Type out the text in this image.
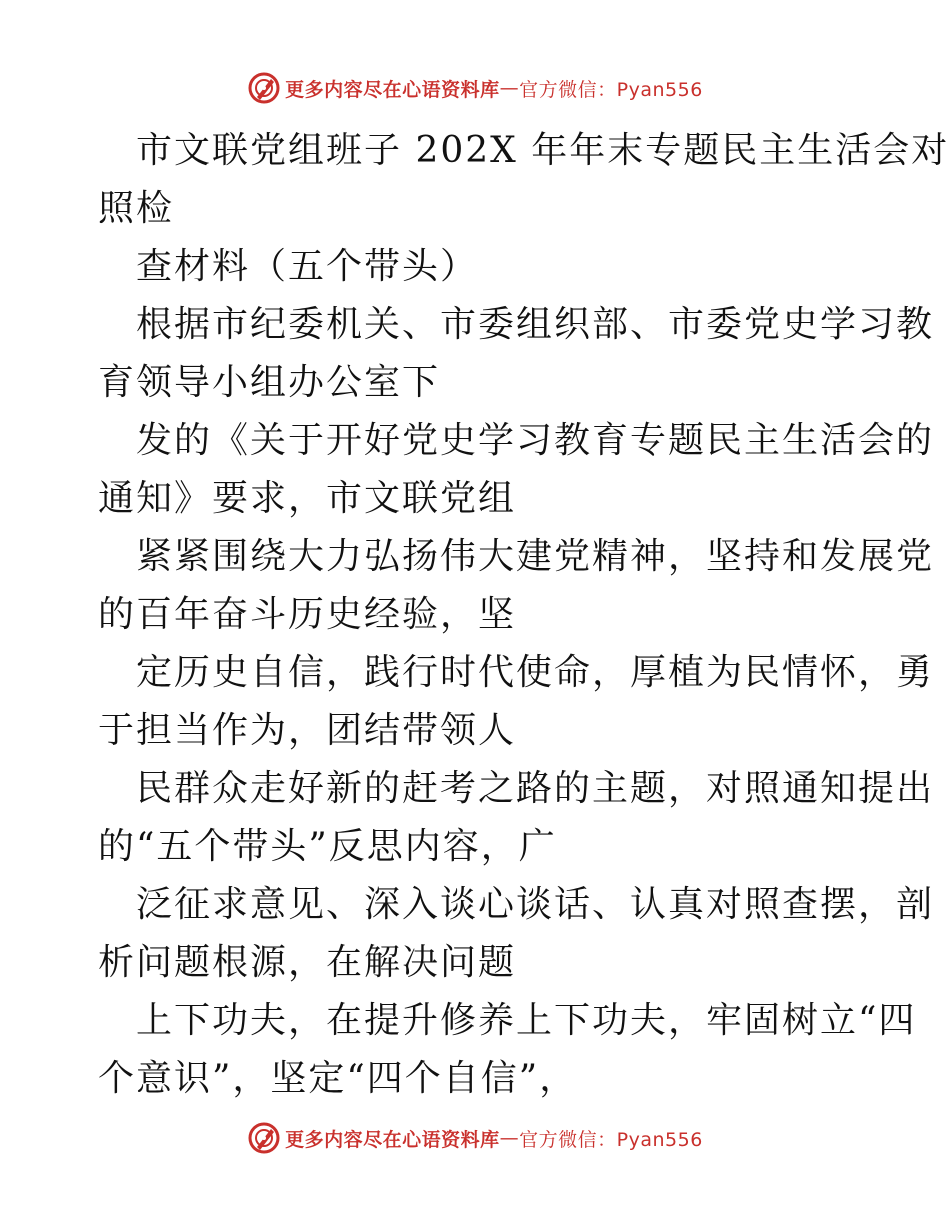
更多内容尽在心语资料库 — 官方微信：Pyan556
市文联党组班子 202X 年年末专题民主生活会对
照检
查材料（五个带头）
根据市纪委机关、市委组织部、市委党史学习教
育领导小组办公室下
发的《关于开好党史学习教育专题民主生活会的
通知》要求，市文联党组
紧紧围绕大力弘扬伟大建党精神，坚持和发展党
的百年奋斗历史经验，坚
定历史自信，践行时代使命，厚植为民情怀，勇
于担当作为，团结带领人
民群众走好新的赶考之路的主题，对照通知提出
的“五个带头”反思内容，广
泛征求意见、深入谈心谈话、认真对照查摆，剖
析问题根源，在解决问题
上下功夫，在提升修养上下功夫，牢固树立“四
个意识”，坚定“四个自信”，
更多内容尽在心语资料库 — 官方微信：Pyan556
